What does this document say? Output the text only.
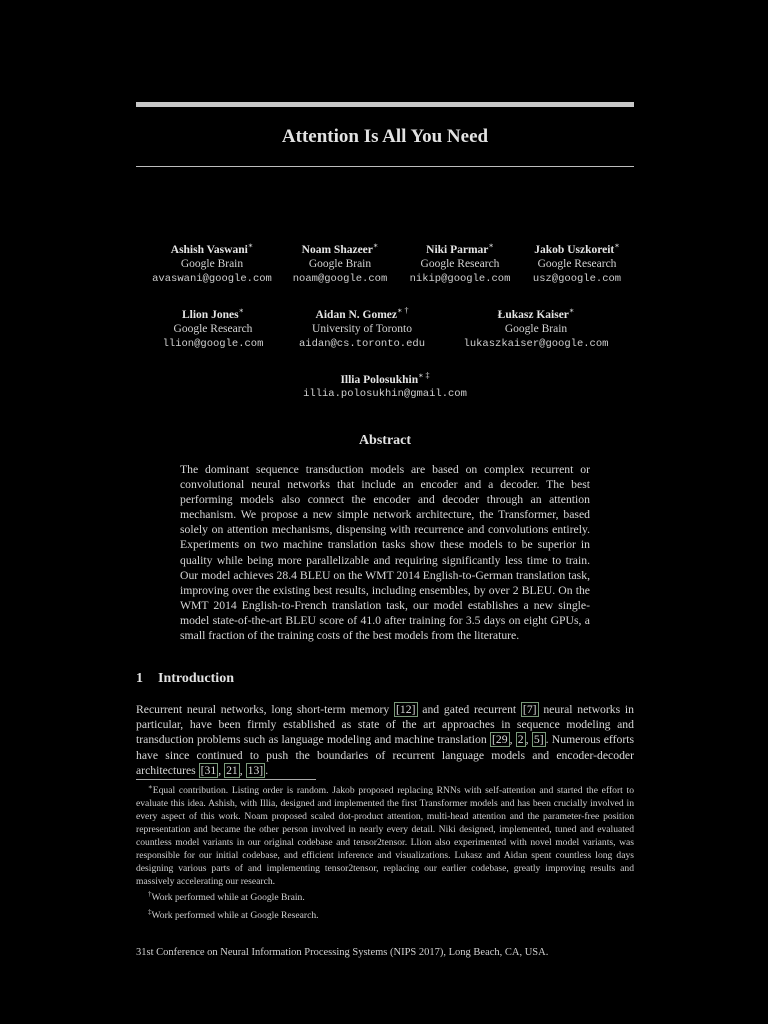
Attention Is All You Need
Ashish Vaswani∗
Google Brain
avaswani@google.com
Noam Shazeer∗
Google Brain
noam@google.com
Niki Parmar∗
Google Research
nikip@google.com
Jakob Uszkoreit∗
Google Research
usz@google.com
Llion Jones∗
Google Research
llion@google.com
Aidan N. Gomez∗ †
University of Toronto
aidan@cs.toronto.edu
Łukasz Kaiser∗
Google Brain
lukaszkaiser@google.com
Illia Polosukhin∗ ‡
illia.polosukhin@gmail.com
Abstract
The dominant sequence transduction models are based on complex recurrent or convolutional neural networks that include an encoder and a decoder. The best performing models also connect the encoder and decoder through an attention mechanism. We propose a new simple network architecture, the Transformer, based solely on attention mechanisms, dispensing with recurrence and convolutions entirely. Experiments on two machine translation tasks show these models to be superior in quality while being more parallelizable and requiring significantly less time to train. Our model achieves 28.4 BLEU on the WMT 2014 English-to-German translation task, improving over the existing best results, including ensembles, by over 2 BLEU. On the WMT 2014 English-to-French translation task, our model establishes a new single-model state-of-the-art BLEU score of 41.0 after training for 3.5 days on eight GPUs, a small fraction of the training costs of the best models from the literature.
1 Introduction
Recurrent neural networks, long short-term memory [12] and gated recurrent [7] neural networks in particular, have been firmly established as state of the art approaches in sequence modeling and transduction problems such as language modeling and machine translation [29 , 2 , 5] . Numerous efforts have since continued to push the boundaries of recurrent language models and encoder-decoder architectures [31 , 21 , 13] .

∗Equal contribution. Listing order is random. Jakob proposed replacing RNNs with self-attention and started the effort to evaluate this idea. Ashish, with Illia, designed and implemented the first Transformer models and has been crucially involved in every aspect of this work. Noam proposed scaled dot-product attention, multi-head attention and the parameter-free position representation and became the other person involved in nearly every detail. Niki designed, implemented, tuned and evaluated countless model variants in our original codebase and tensor2tensor. Llion also experimented with novel model variants, was responsible for our initial codebase, and efficient inference and visualizations. Lukasz and Aidan spent countless long days designing various parts of and implementing tensor2tensor, replacing our earlier codebase, greatly improving results and massively accelerating our research.

†Work performed while at Google Brain.

‡Work performed while at Google Research.

31st Conference on Neural Information Processing Systems (NIPS 2017), Long Beach, CA, USA.
